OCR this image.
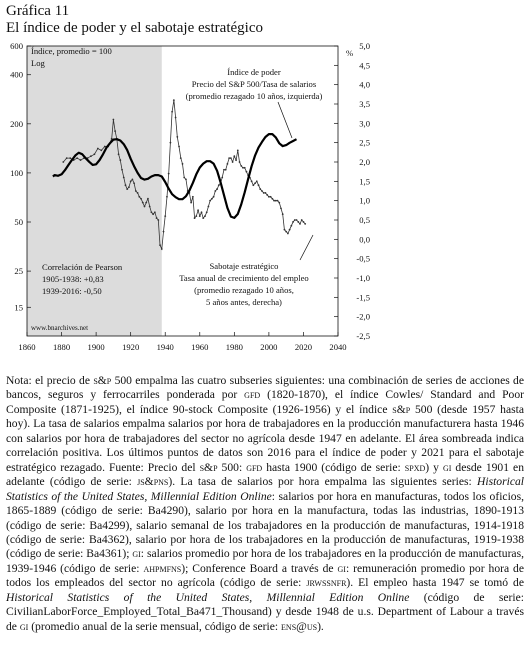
Gráfica 11
El índice de poder y el sabotaje estratégico
1860 1880 1900 1920 1940 1960 1980 2000 2020 2040
15
25
50
100
200
400
600	5,0
4,5
4,0
3,5
3,0
2,5
2,0
1,5
1,0
0,5
0,0
-0,5
-1,0
-1,5
-2,0
-2,5
Índice, promedio = 100
Log
%
Índice de poder
Precio del S&P 500/Tasa de salarios
(promedio rezagado 10 años, izquierda)
Sabotaje estratégico
Tasa anual de crecimiento del empleo
(promedio rezagado 10 años,
5 años antes, derecha)
Correlación de Pearson
1905-1938: +0,83
1939-2016: -0,50
www.bnarchives.net

Nota: el precio de s&p 500 empalma las cuatro subseries siguientes: una combinación de series de acciones de bancos, seguros y ferrocarriles ponderada por gfd (1820-1870), el índice Cowles/ Standard and Poor Composite (1871-1925), el índice 90-stock Composite (1926-1956) y el índice s&p 500 (desde 1957 hasta hoy). La tasa de salarios empalma salarios por hora de trabajadores en la producción manufacturera hasta 1946 con salarios por hora de trabajadores del sector no agrícola desde 1947 en adelante. El área sombreada indica correlación positiva. Los últimos puntos de datos son 2016 para el índice de poder y 2021 para el sabotaje estratégico rezagado. Fuente: Precio del s&p 500: gfd hasta 1900 (código de serie: spxd) y gi desde 1901 en adelante (código de serie: js&pns). La tasa de salarios por hora empalma las siguientes series: Historical Statistics of the United States, Millennial Edition Online: salarios por hora en manufacturas, todos los oficios, 1865-1889 (código de serie: Ba4290), salario por hora en la manufactura, todas las industrias, 1890-1913 (código de serie: Ba4299), salario semanal de los trabajadores en la producción de manufacturas, 1914-1918 (código de serie: Ba4362), salario por hora de los trabajadores en la producción de manufacturas, 1919-1938 (código de serie: Ba4361); gi: salarios promedio por hora de los trabajadores en la producción de manufacturas, 1939-1946 (código de serie: ahpmfns); Conference Board a través de gi: remuneración promedio por hora de todos los empleados del sector no agrícola (código de serie: jrwssnfr). El empleo hasta 1947 se tomó de Historical Statistics of the United States, Millennial Edition Online (código de serie: CivilianLaborForce_Employed_Total_Ba471_Thousand) y desde 1948 de u.s. Department of Labour a través de gi (promedio anual de la serie mensual, código de serie: ens@us).
